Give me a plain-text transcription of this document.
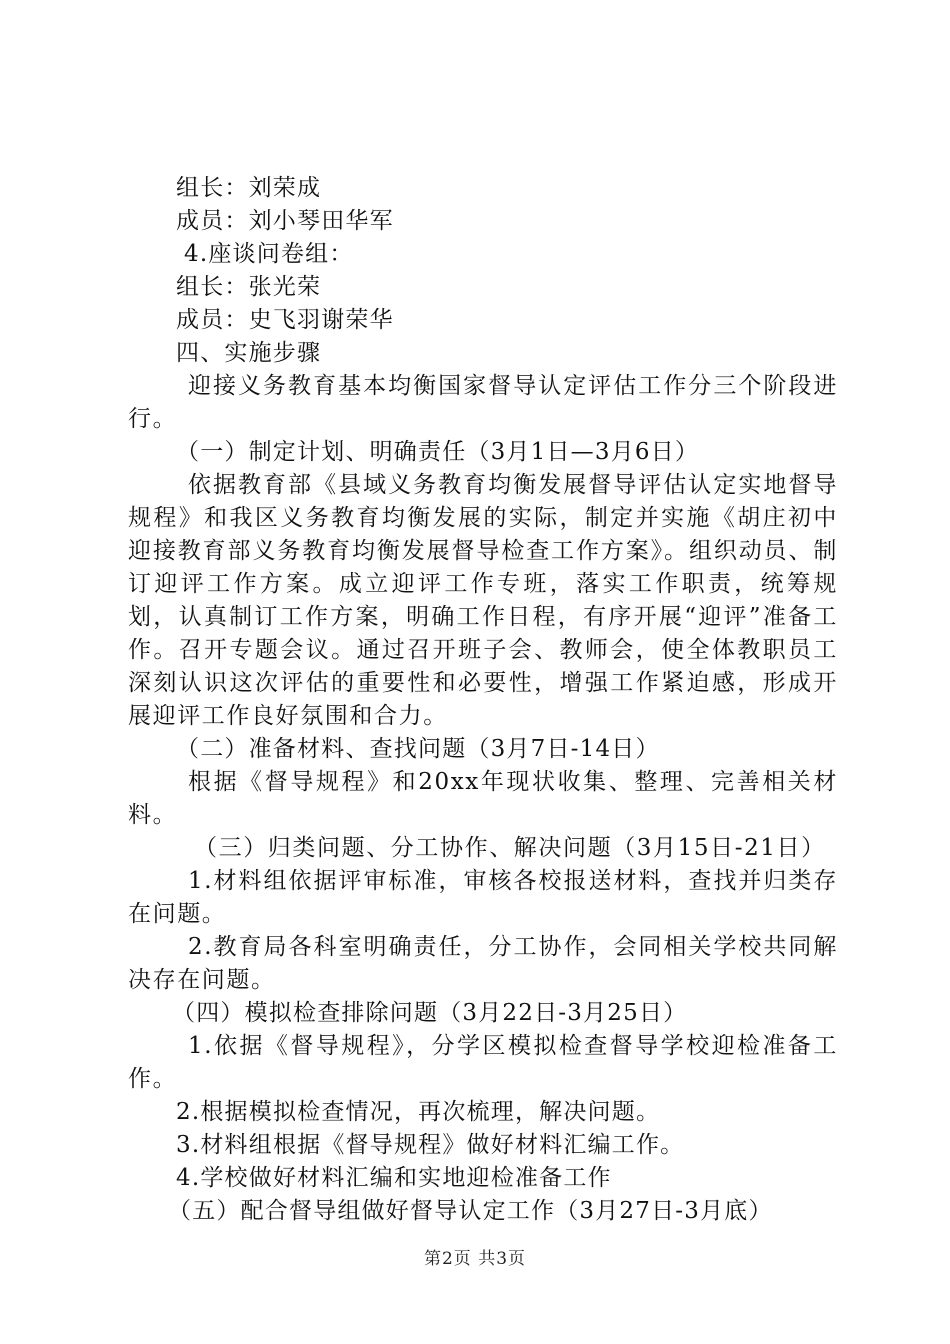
组长：刘荣成
成员：刘小琴田华军
4.座谈问卷组：
组长：张光荣
成员：史飞羽谢荣华
四、实施步骤
迎接义务教育基本均衡国家督导认定评估工作分三个阶段进行。
（一）制定计划、明确责任（3月1日—3月6日）
依据教育部《县域义务教育均衡发展督导评估认定实地督导规程》和我区义务教育均衡发展的实际，制定并实施《胡庄初中迎接教育部义务教育均衡发展督导检查工作方案》。组织动员、制订迎评工作方案。成立迎评工作专班，落实工作职责，统筹规划，认真制订工作方案，明确工作日程，有序开展“迎评”准备工作。召开专题会议。通过召开班子会、教师会，使全体教职员工深刻认识这次评估的重要性和必要性，增强工作紧迫感，形成开展迎评工作良好氛围和合力。
（二）准备材料、查找问题（3月7日-14日）
根据《督导规程》和20xx年现状收集、整理、完善相关材料。
（三）归类问题、分工协作、解决问题（3月15日-21日）
1.材料组依据评审标准，审核各校报送材料，查找并归类存在问题。
2.教育局各科室明确责任，分工协作，会同相关学校共同解决存在问题。
（四）模拟检查排除问题（3月22日-3月25日）
1.依据《督导规程》，分学区模拟检查督导学校迎检准备工作。
2.根据模拟检查情况，再次梳理，解决问题。
3.材料组根据《督导规程》做好材料汇编工作。
4.学校做好材料汇编和实地迎检准备工作
（五）配合督导组做好督导认定工作（3月27日-3月底）
第2页 共3页
